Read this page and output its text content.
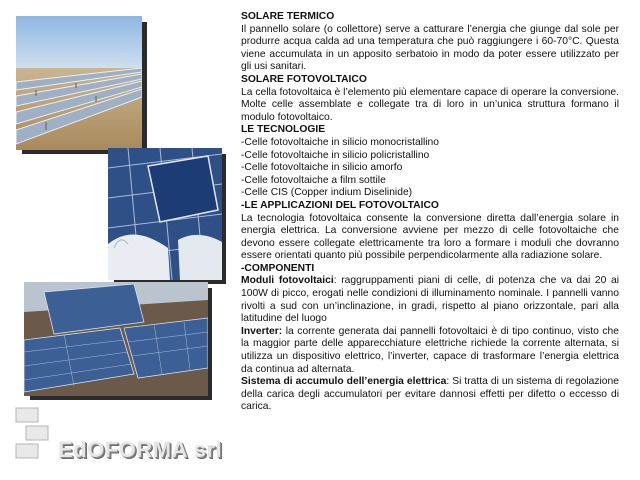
EdOFORMA srl

SOLARE TERMICO

Il pannello solare (o collettore) serve a catturare l’energia che giunge dal sole per produrre acqua calda ad una temperatura che può raggiungere i 60-70°C. Questa viene accumulata in un apposito serbatoio in modo da poter essere utilizzato per gli usi sanitari.

SOLARE FOTOVOLTAICO

La cella fotovoltaica è l’elemento più elementare capace di operare la conversione. Molte celle assemblate e collegate tra di loro in un’unica struttura formano il modulo fotovoltaico.

LE TECNOLOGIE

-Celle fotovoltaiche in silicio monocristallino

-Celle fotovoltaiche in silicio policristallino

-Celle fotovoltaiche in silicio amorfo

-Celle fotovoltaiche a film sottile

-Celle CIS (Copper indium Diselinide)

-LE APPLICAZIONI DEL FOTOVOLTAICO

La tecnologia fotovoltaica consente la conversione diretta dall’energia solare in energia elettrica. La conversione avviene per mezzo di celle fotovoltaiche che devono essere collegate elettricamente tra loro a formare i moduli che dovranno essere orientati quanto più possibile perpendicolarmente alla radiazione solare.

-COMPONENTI

Moduli fotovoltaici: raggruppamenti piani di celle, di potenza che va dai 20 ai 100W di picco, erogati nelle condizioni di illuminamento nominale. I pannelli vanno rivolti a sud con un’inclinazione, in gradi, rispetto al piano orizzontale, pari alla latitudine del luogo

Inverter: la corrente generata dai pannelli fotovoltaici è di tipo continuo, visto che la maggior parte delle apparecchiature elettriche richiede la corrente alternata, si utilizza un dispositivo elettrico, l’inverter, capace di trasformare l’energia elettrica da continua ad alternata.

Sistema di accumulo dell’energia elettrica: Si tratta di un sistema di regolazione della carica degli accumulatori per evitare dannosi effetti per difetto o eccesso di carica.
